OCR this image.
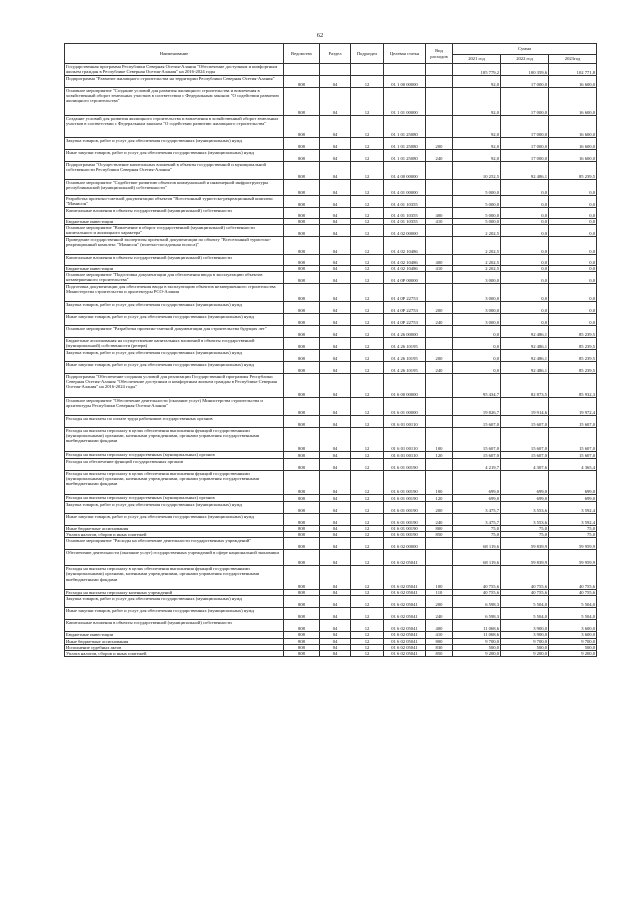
62
Наименование	Ведомство	Раздел	Подраздел	Целевая статья	Вид расходов	Сумма		
						2021 год	2022 год	2023год
Государственная программа Республики Северная Осетия-Алания "Обеспечение доступным и комфортным жильем граждан в Республике Северная Осетия-Алания" на 2016-2024 годы						105 779,2	100 359,6	102 771,8
Подпрограмма "Развитие жилищного строительства на территории Республики Северная Осетия-Алания"	808	04	12	01 1 00 00000		92,0	17 000,0	16 600,0
Основное мероприятие "Создание условий для развития жилищного строительства и вовлечения в хозяйственный оборот земельных участков в соответствии с Федеральным законом "О содействии развитию жилищного строительства"	808	04	12	01 1 01 00000		92,0	17 000,0	16 600,0
Создание условий для развития жилищного строительства и вовлечения в хозяйственный оборот земельных участков в соответствии с Федеральным законом "О содействии развитию жилищного строительства"	808	04	12	01 1 01 25080		92,0	17 000,0	16 600,0
Закупка товаров, работ и услуг для обеспечения государственных (муниципальных) нужд	808	04	12	01 1 01 25080	200	92,0	17 000,0	16 600,0
Иные закупки товаров, работ и услуг для обеспечения государственных (муниципальных) нужд	808	04	12	01 1 01 25080	240	92,0	17 000,0	16 600,0
Подпрограмма "Осуществление капитальных вложений в объекты государственной и муниципальной собственности Республики Северная Осетия-Алания"	808	04	12	01 4 00 00000		10 252,5	92 486,1	85 239,5
Основное мероприятие "Содействие развитию объектов коммунальной и инженерной инфраструктуры республиканской (муниципальной) собственности"	808	04	12	01 4 01 00000		5 000,0	0,0	0,0
Разработка проектно-сметной документации объектов "Всесезонный туристско-рекреационный комплекс "Мамисон"	808	04	12	01 4 01 10355		5 000,0	0,0	0,0
Капитальные вложения в объекты государственной (муниципальной) собственности	808	04	12	01 4 01 10355	400	5 000,0	0,0	0,0
Бюджетные инвестиции	808	04	12	01 4 01 10355	410	5 000,0	0,0	0,0
Основное мероприятие "Вовлечение в оборот государственной (муниципальной) собственности капитального и жилищного характера"	808	04	12	01 4 02 00000		2 202,5	0,0	0,0
Проведение государственной экспертизы проектной документации по объекту "Всесезонный туристско-рекреационный комплекс "Мамисон" (взлетно-посадочная полоса)"	808	04	12	01 4 02 10486		2 202,5	0,0	0,0
Капитальные вложения в объекты государственной (муниципальной) собственности	808	04	12	01 4 02 10486	400	2 202,5	0,0	0,0
Бюджетные инвестиции	808	04	12	01 4 02 10486	410	2 202,5	0,0	0,0
Основное мероприятие "Подготовка документации для обеспечения ввода в эксплуатацию объектов незавершенного строительства"	808	04	12	01 4 0Р 00000		3 000,0	0,0	0,0
Подготовка документации для обеспечения ввода в эксплуатацию объектов незавершенного строительства Министерства строительства и архитектуры РСО-Алания	808	04	12	01 4 0Р 22753		3 000,0	0,0	0,0
Закупка товаров, работ и услуг для обеспечения государственных (муниципальных) нужд	808	04	12	01 4 0Р 22753	200	3 000,0	0,0	0,0
Иные закупки товаров, работ и услуг для обеспечения государственных (муниципальных) нужд	808	04	12	01 4 0Р 22753	240	3 000,0	0,0	0,0
Основное мероприятие "Разработка проектно-сметной документации для строительства будущих лет"	808	04	12	01 4 26 00000		0,0	92 486,1	85 239,5
Бюджетные ассигнования на осуществление капитальных вложений в объекты государственной (муниципальной) собственности (резерв)	808	04	12	01 4 26 10195		0,0	92 486,1	85 239,5
Закупка товаров, работ и услуг для обеспечения государственных (муниципальных) нужд	808	04	12	01 4 26 10195	200	0,0	92 486,1	85 239,5
Иные закупки товаров, работ и услуг для обеспечения государственных (муниципальных) нужд	808	04	12	01 4 26 10195	240	0,0	92 486,1	85 239,5
Подпрограмма "Обеспечение создания условий для реализации Государственной программы Республики Северная Осетия-Алания "Обеспечение доступным и комфортным жильем граждан в Республике Северная Осетия-Алания" на 2016-2024 годы"	808	04	12	01 6 00 00000		95 434,7	82 873,5	85 932,3
Основное мероприятие "Обеспечение деятельности (оказание услуг) Министерства строительства и архитектуры Республики Северная Осетия-Алания"	808	04	12	01 6 01 00000		19 826,7	19 914,6	19 972,4
Расходы на выплаты по оплате труда работников государственных органов	808	04	12	01 6 01 00110		15 607,0	15 607,0	15 607,0
Расходы на выплаты персоналу в целях обеспечения выполнения функций государственными (муниципальными) органами, казенными учреждениями, органами управления государственными внебюджетными фондами	808	04	12	01 6 01 00110	100	15 607,0	15 607,0	15 607,0
Расходы на выплаты персоналу государственных (муниципальных) органов	808	04	12	01 6 01 00110	120	15 607,0	15 607,0	15 607,0
Расходы на обеспечение функций государственных органов	808	04	12	01 6 01 00190		4 219,7	4 307,6	4 365,4
Расходы на выплаты персоналу в целях обеспечения выполнения функций государственными (муниципальными) органами, казенными учреждениями, органами управления государственными внебюджетными фондами	808	04	12	01 6 01 00190	100	699,0	699,0	699,0
Расходы на выплаты персоналу государственных (муниципальных) органов	808	04	12	01 6 01 00190	120	699,0	699,0	699,0
Закупка товаров, работ и услуг для обеспечения государственных (муниципальных) нужд	808	04	12	01 6 01 00190	200	3 475,7	3 553,6	3 592,4
Иные закупки товаров, работ и услуг для обеспечения государственных (муниципальных) нужд	808	04	12	01 6 01 00190	240	3 475,7	3 553,6	3 592,4
Иные бюджетные ассигнования	808	04	12	01 6 01 00190	800	75,0	75,0	75,0
Уплата налогов, сборов и иных платежей	808	04	12	01 6 01 00190	850	75,0	75,0	75,0
Основное мероприятие "Расходы на обеспечение деятельности государственных учреждений"	808	04	12	01 6 02 00000		68 119,6	59 839,9	59 959,9
Обеспечение деятельности (оказание услуг) государственных учреждений в сфере национальной экономики	808	04	12	01 6 02 05041		68 119,6	59 839,9	59 959,9
Расходы на выплаты персоналу в целях обеспечения выполнения функций государственными (муниципальными) органами, казенными учреждениями, органами управления государственными внебюджетными фондами	808	04	12	01 6 02 05041	100	40 755,6	40 755,6	40 755,6
Расходы на выплаты персоналу казенных учреждений	808	04	12	01 6 02 05041	110	40 755,6	40 755,6	40 755,6
Закупка товаров, работ и услуг для обеспечения государственных (муниципальных) нужд	808	04	12	01 6 02 05041	200	6 598,3	5 504,0	5 504,0
Иные закупки товаров, работ и услуг для обеспечения государственных (муниципальных) нужд	808	04	12	01 6 02 05041	240	6 598,3	5 504,0	5 504,0
Капитальные вложения в объекты государственной (муниципальной) собственности	808	04	12	01 6 02 05041	400	11 068,6	3 900,0	3 600,0
Бюджетные инвестиции	808	04	12	01 6 02 05041	410	11 068,6	3 900,0	3 600,0
Иные бюджетные ассигнования	808	04	12	01 6 02 05041	800	9 700,0	9 700,0	9 700,0
Исполнение судебных актов	808	04	12	01 6 02 05041	830	500,0	500,0	500,0
Уплата налогов, сборов и иных платежей	808	04	12	01 6 02 05041	850	9 200,0	9 200,0	9 200,0
